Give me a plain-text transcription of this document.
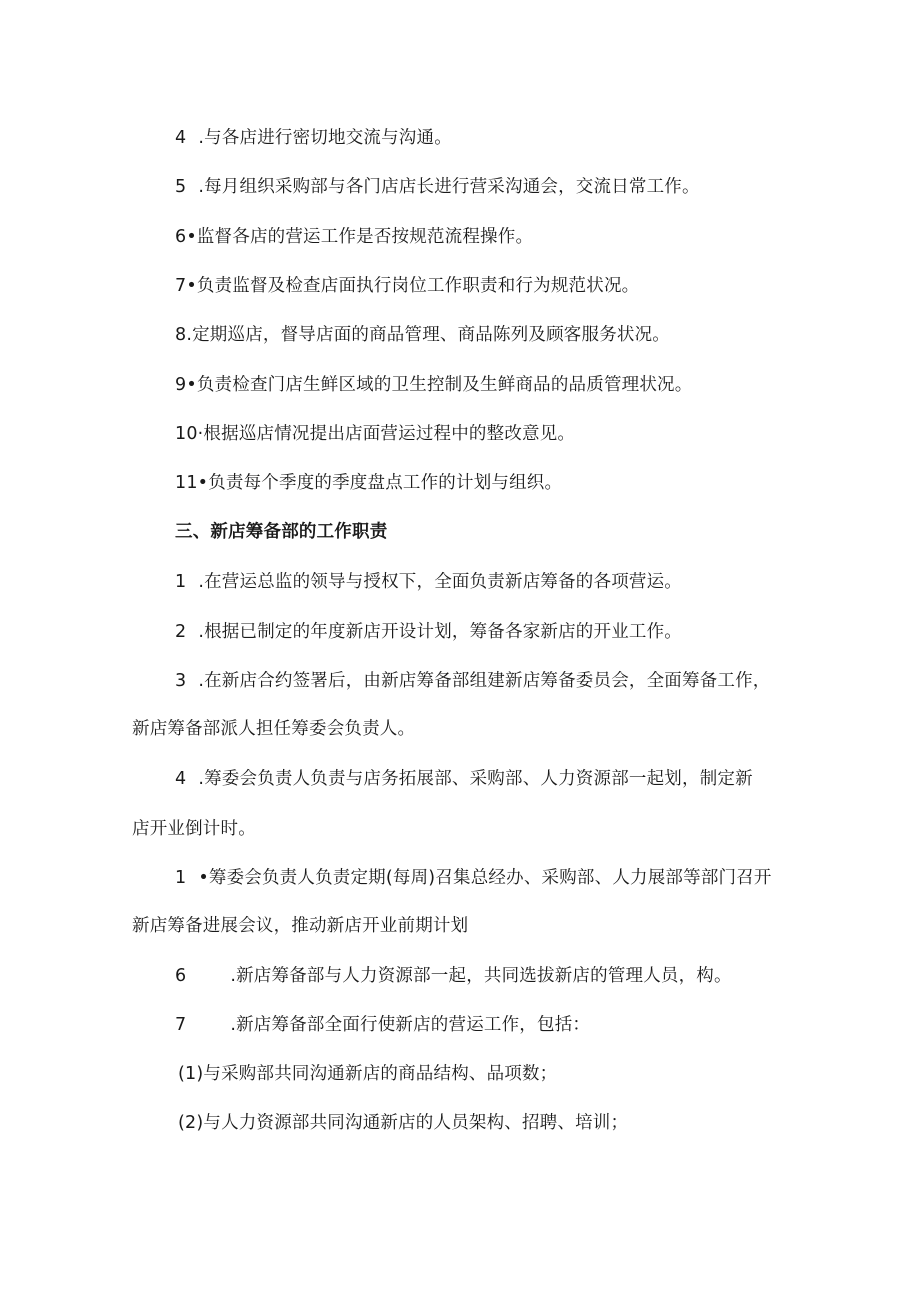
4 .与各店进行密切地交流与沟通。
5 .每月组织采购部与各门店店长进行营采沟通会，交流日常工作。
6•监督各店的营运工作是否按规范流程操作。
7•负责监督及检查店面执行岗位工作职责和行为规范状况。
8.定期巡店，督导店面的商品管理、商品陈列及顾客服务状况。
9•负责检查门店生鲜区域的卫生控制及生鲜商品的品质管理状况。
10·根据巡店情况提出店面营运过程中的整改意见。
11•负责每个季度的季度盘点工作的计划与组织。
三、新店筹备部的工作职责
1 .在营运总监的领导与授权下，全面负责新店筹备的各项营运。
2 .根据已制定的年度新店开设计划，筹备各家新店的开业工作。
3 .在新店合约签署后，由新店筹备部组建新店筹备委员会，全面筹备工作，
新店筹备部派人担任筹委会负责人。
4 .筹委会负责人负责与店务拓展部、采购部、人力资源部一起划，制定新
店开业倒计时。
1 •筹委会负责人负责定期(每周)召集总经办、采购部、人力展部等部门召开
新店筹备进展会议，推动新店开业前期计划
6	.新店筹备部与人力资源部一起，共同选拔新店的管理人员，构。
7	.新店筹备部全面行使新店的营运工作，包括：
(1)与采购部共同沟通新店的商品结构、品项数；
(2)与人力资源部共同沟通新店的人员架构、招聘、培训；
